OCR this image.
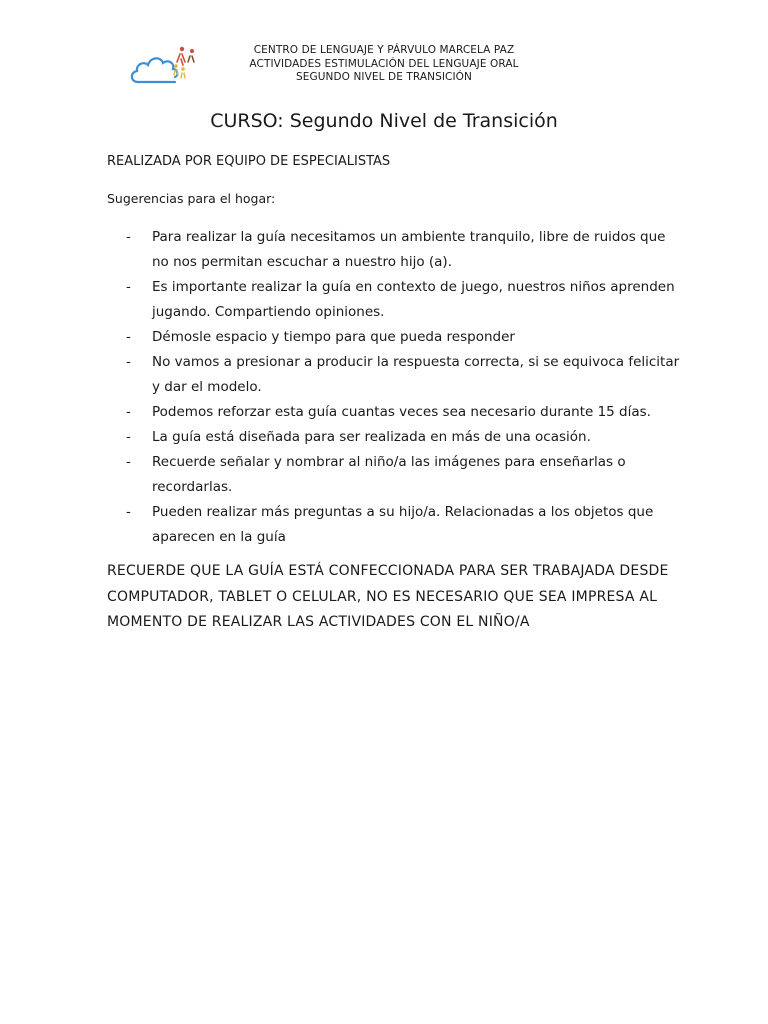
CENTRO DE LENGUAJE Y PÁRVULO MARCELA PAZ
ACTIVIDADES ESTIMULACIÓN DEL LENGUAJE ORAL
SEGUNDO NIVEL DE TRANSICIÓN
CURSO: Segundo Nivel de Transición
REALIZADA POR EQUIPO DE ESPECIALISTAS
Sugerencias para el hogar:
- Para realizar la guía necesitamos un ambiente tranquilo, libre de ruidos que no nos permitan escuchar a nuestro hijo (a).
- Es importante realizar la guía en contexto de juego, nuestros niños aprenden jugando. Compartiendo opiniones.
- Démosle espacio y tiempo para que pueda responder
- No vamos a presionar a producir la respuesta correcta, si se equivoca felicitar y dar el modelo.
- Podemos reforzar esta guía cuantas veces sea necesario durante 15 días.
- La guía está diseñada para ser realizada en más de una ocasión.
- Recuerde señalar y nombrar al niño/a las imágenes para enseñarlas o recordarlas.
- Pueden realizar más preguntas a su hijo/a. Relacionadas a los objetos que aparecen en la guía
RECUERDE QUE LA GUÍA ESTÁ CONFECCIONADA PARA SER TRABAJADA DESDE COMPUTADOR, TABLET O CELULAR, NO ES NECESARIO QUE SEA IMPRESA AL MOMENTO DE REALIZAR LAS ACTIVIDADES CON EL NIÑO/A
